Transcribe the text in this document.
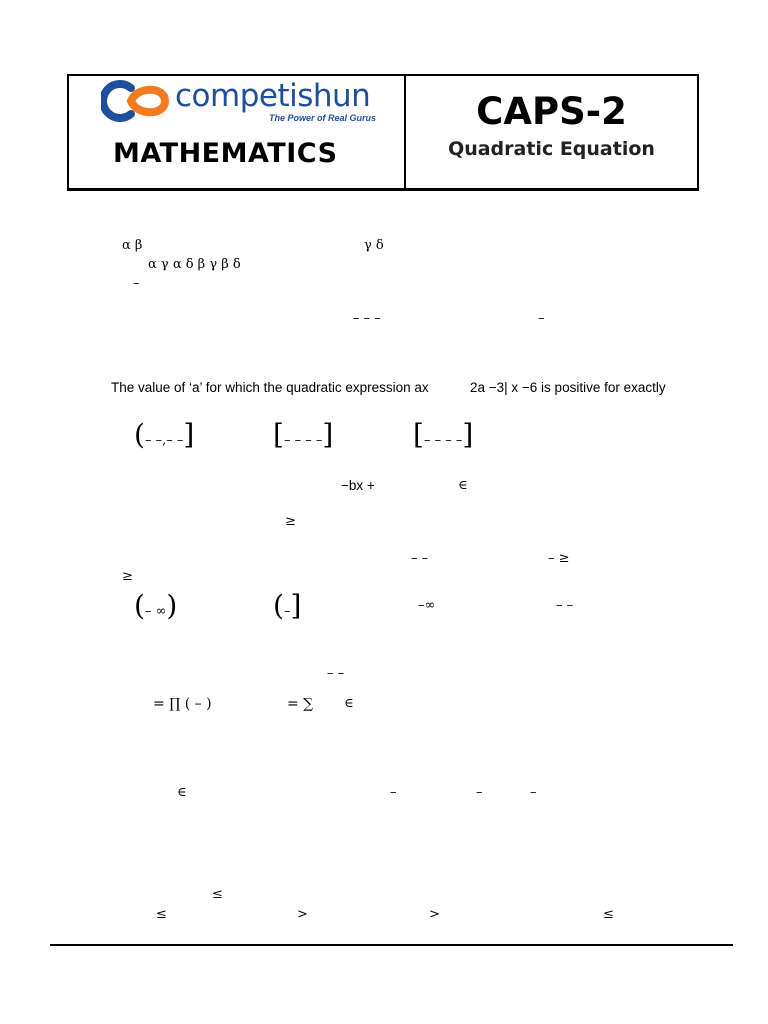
competishun
The Power of Real Gurus
MATHEMATICS
CAPS-2
Quadratic Equation
α β	γ δ
α γ α δ β γ β δ
–
– – –	–
The value of ‘a’ for which the quadratic expression ax	2a −3| x −6 is positive for exactly
(– –,– –]	[– – – –]	[– – – –]
−bx +	∈
≥
– –	– ≥
≥
(– ∞)	(–]	–∞	– –
– –
= ∏ ( – )	= ∑ ∈
∈	–	–	–
≤
≤	>	>	≤
